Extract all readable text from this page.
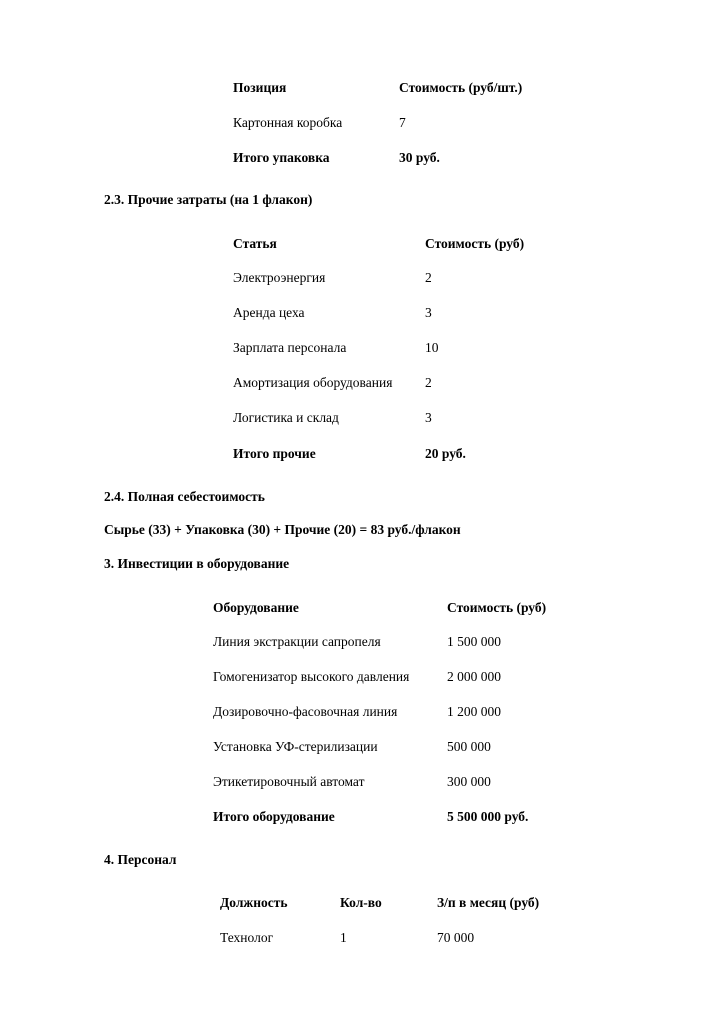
Позиция	Стоимость (руб/шт.)
Картонная коробка	7
Итого упаковка	30 руб.
2.3. Прочие затраты (на 1 флакон)
Статья	Стоимость (руб)
Электроэнергия	2
Аренда цеха	3
Зарплата персонала	10
Амортизация оборудования 2
Логистика и склад	3
Итого прочие	20 руб.
2.4. Полная себестоимость
Сырье (33) + Упаковка (30) + Прочие (20) = 83 руб./флакон
3. Инвестиции в оборудование
Оборудование	Стоимость (руб)
Линия экстракции сапропеля	1 500 000
Гомогенизатор высокого давления	2 000 000
Дозировочно-фасовочная линия	1 200 000
Установка УФ-стерилизации	500 000
Этикетировочный автомат	300 000
Итого оборудование	5 500 000 руб.
4. Персонал
Должность	Кол-во	З/п в месяц (руб)
Технолог	1	70 000
